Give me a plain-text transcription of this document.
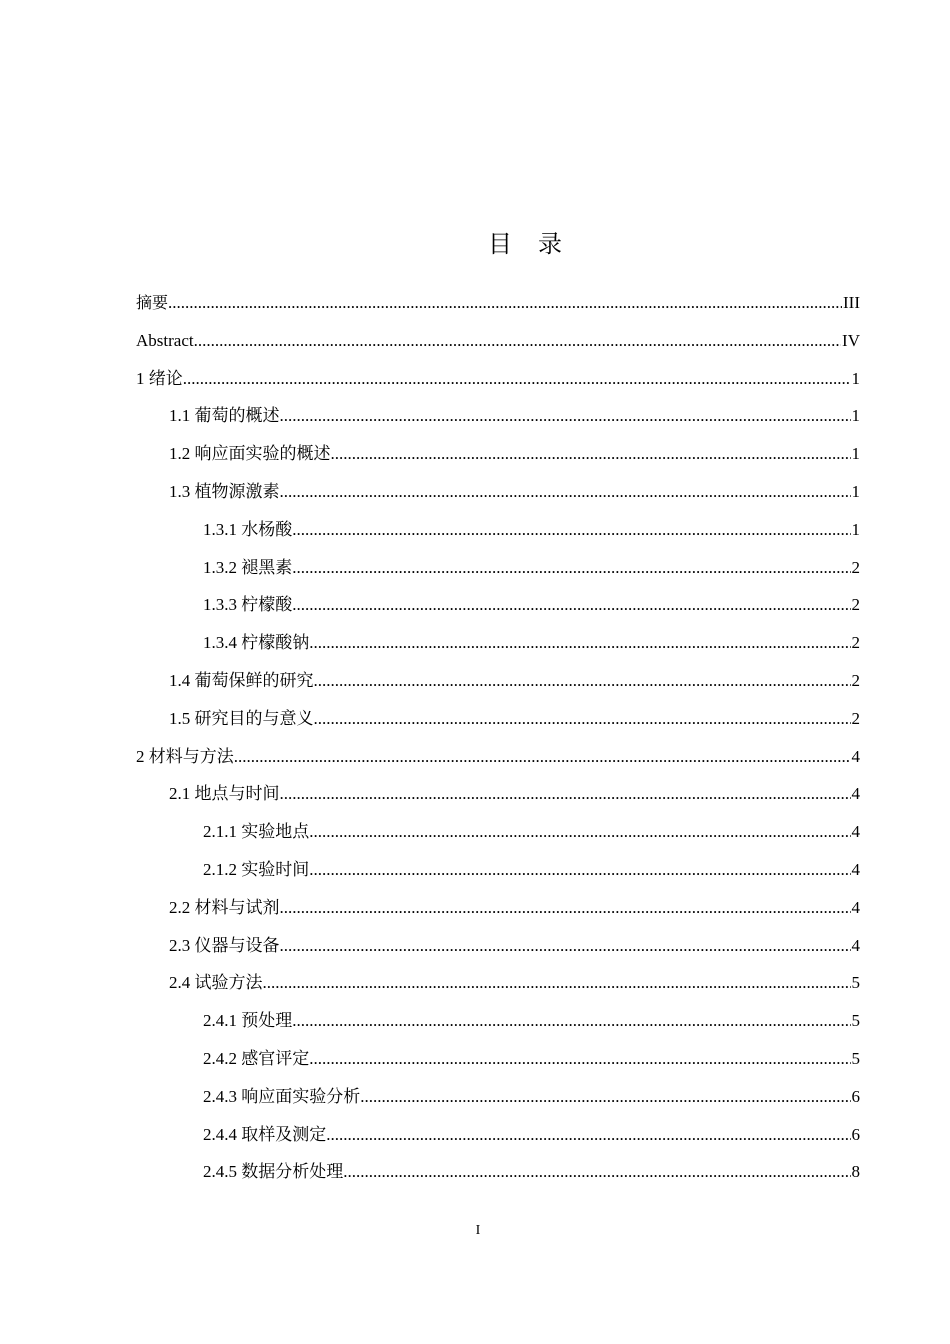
目录
摘要 .....	III
Abstract .....	IV
1 绪论 .....	1
1.1 葡萄的概述 .....	1
1.2 响应面实验的概述 .....	1
1.3 植物源激素 .....	1
1.3.1 水杨酸 .....	1
1.3.2 褪黑素 .....	2
1.3.3 柠檬酸 .....	2
1.3.4 柠檬酸钠 .....	2
1.4 葡萄保鲜的研究 .....	2
1.5 研究目的与意义 .....	2
2 材料与方法 .....	4
2.1 地点与时间 .....	4
2.1.1 实验地点 .....	4
2.1.2 实验时间 .....	4
2.2 材料与试剂 .....	4
2.3 仪器与设备 .....	4
2.4 试验方法 .....	5
2.4.1 预处理 .....	5
2.4.2 感官评定 .....	5
2.4.3 响应面实验分析 .....	6
2.4.4 取样及测定 .....	6
2.4.5 数据分析处理 .....	8
I
